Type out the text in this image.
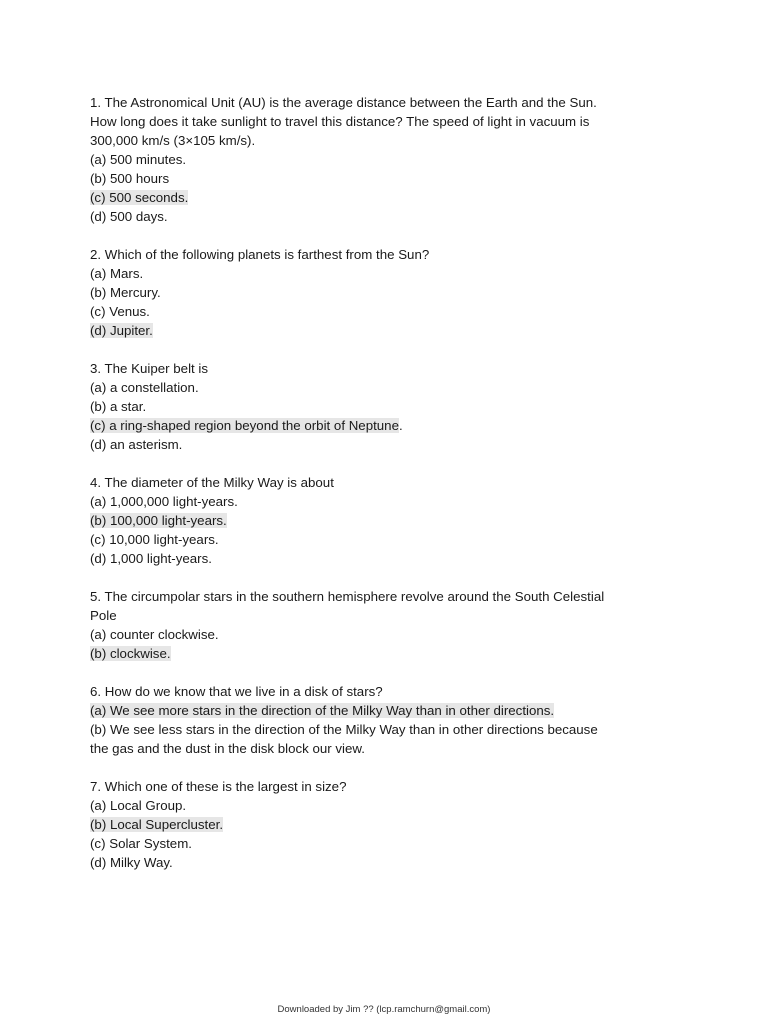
1. The Astronomical Unit (AU) is the average distance between the Earth and the Sun.
How long does it take sunlight to travel this distance? The speed of light in vacuum is
300,000 km/s (3×105 km/s).
(a) 500 minutes.
(b) 500 hours
(c) 500 seconds.
(d) 500 days.
2. Which of the following planets is farthest from the Sun?
(a) Mars.
(b) Mercury.
(c) Venus.
(d) Jupiter.
3. The Kuiper belt is
(a) a constellation.
(b) a star.
(c) a ring-shaped region beyond the orbit of Neptune.
(d) an asterism.
4. The diameter of the Milky Way is about
(a) 1,000,000 light-years.
(b) 100,000 light-years.
(c) 10,000 light-years.
(d) 1,000 light-years.
5. The circumpolar stars in the southern hemisphere revolve around the South Celestial
Pole
(a) counter clockwise.
(b) clockwise.
6. How do we know that we live in a disk of stars?
(a) We see more stars in the direction of the Milky Way than in other directions.
(b) We see less stars in the direction of the Milky Way than in other directions because
the gas and the dust in the disk block our view.
7. Which one of these is the largest in size?
(a) Local Group.
(b) Local Supercluster.
(c) Solar System.
(d) Milky Way.
Downloaded by Jim ?? (lcp.ramchurn@gmail.com)
